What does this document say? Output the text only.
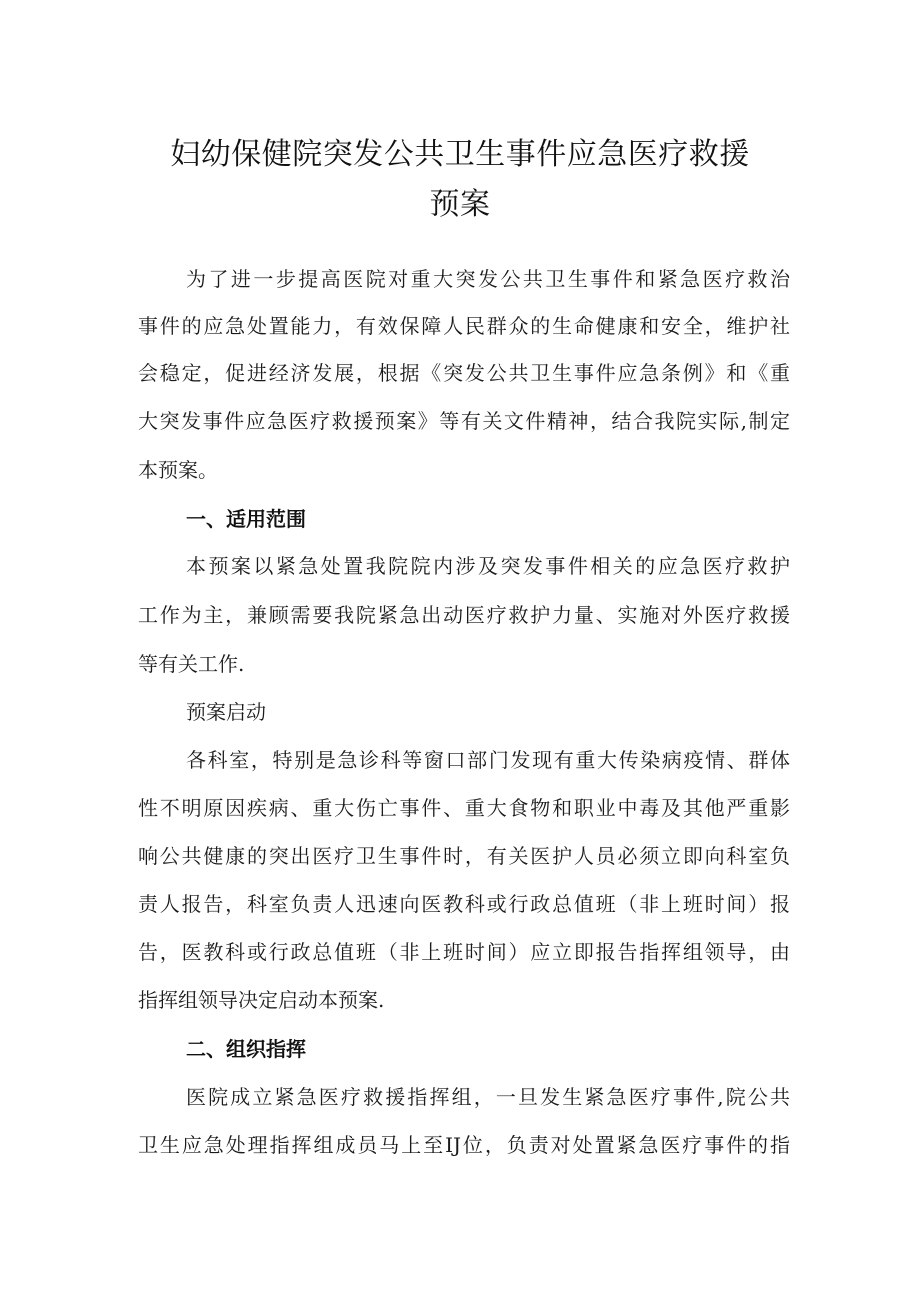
妇幼保健院突发公共卫生事件应急医疗救援
预案
为了进一步提高医院对重大突发公共卫生事件和紧急医疗救治
事件的应急处置能力，有效保障人民群众的生命健康和安全，维护社
会稳定，促进经济发展，根据《突发公共卫生事件应急条例》和《重
大突发事件应急医疗救援预案》等有关文件精神，结合我院实际,制定
本预案。
一、适用范围
本预案以紧急处置我院院内涉及突发事件相关的应急医疗救护
工作为主，兼顾需要我院紧急出动医疗救护力量、实施对外医疗救援
等有关工作.
预案启动
各科室，特别是急诊科等窗口部门发现有重大传染病疫情、群体
性不明原因疾病、重大伤亡事件、重大食物和职业中毒及其他严重影
响公共健康的突出医疗卫生事件时，有关医护人员必须立即向科室负
责人报告，科室负责人迅速向医教科或行政总值班（非上班时间）报
告，医教科或行政总值班（非上班时间）应立即报告指挥组领导，由
指挥组领导决定启动本预案.
二、组织指挥
医院成立紧急医疗救援指挥组，一旦发生紧急医疗事件,院公共
卫生应急处理指挥组成员马上至IJ位，负责对处置紧急医疗事件的指
